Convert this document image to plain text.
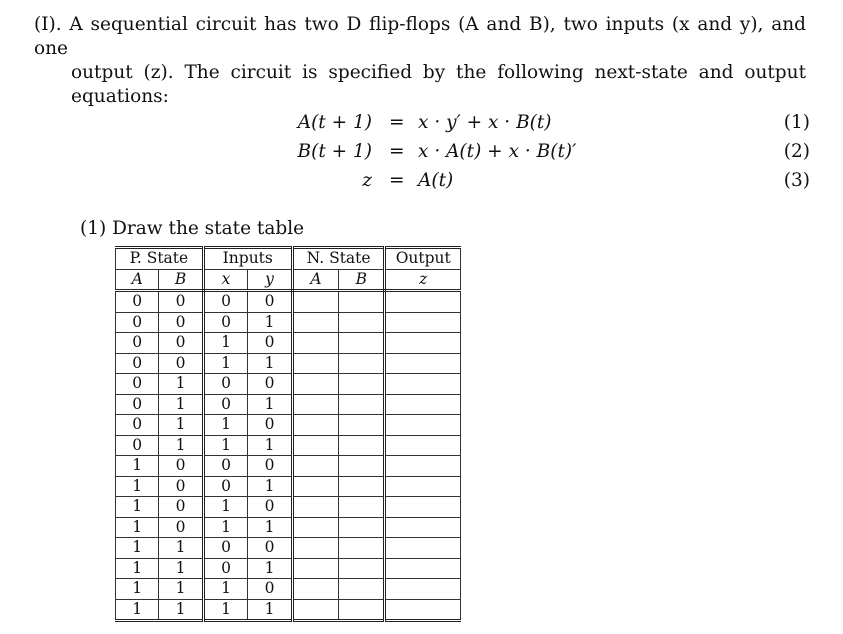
(I). A sequential circuit has two D flip-flops (A and B), two inputs (x and y), and one
output (z). The circuit is specified by the following next-state and output equations:
A(t + 1) = x · y′ + x · B(t)	(1)
B(t + 1) = x · A(t) + x · B(t)′	(2)
z = A(t)	(3)
(1) Draw the state table
P. State		Inputs		N. State		Output
A	B	x	y	A	B	z
0	0	0	0			
0	0	0	1			
0	0	1	0			
0	0	1	1			
0	1	0	0			
0	1	0	1			
0	1	1	0			
0	1	1	1			
1	0	0	0			
1	0	0	1			
1	0	1	0			
1	0	1	1			
1	1	0	0			
1	1	0	1			
1	1	1	0			
1	1	1	1			
